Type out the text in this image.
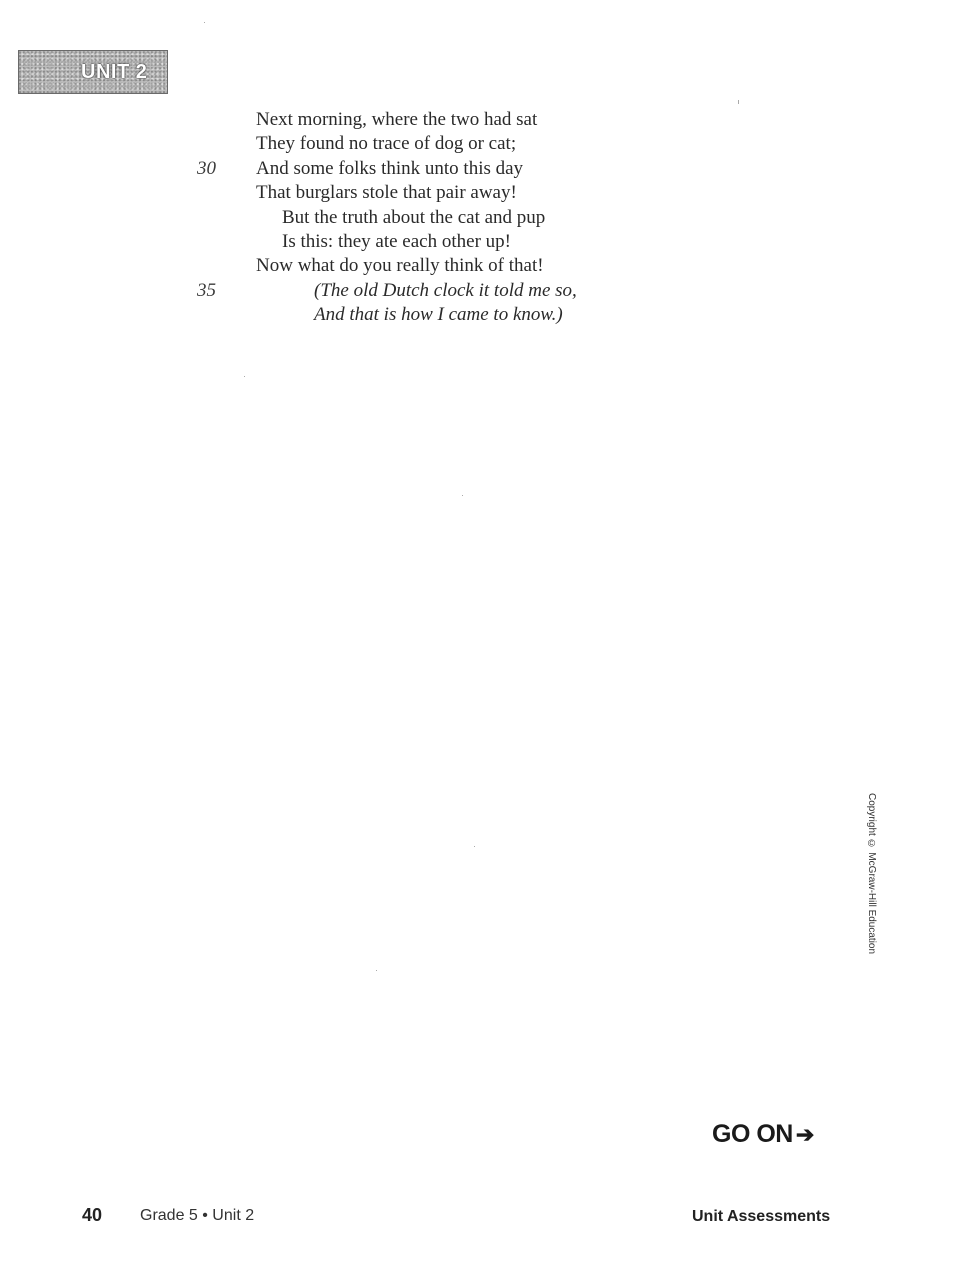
UNIT 2
Next morning, where the two had sat
They found no trace of dog or cat;
30 And some folks think unto this day
That burglars stole that pair away!
But the truth about the cat and pup
Is this: they ate each other up!
Now what do you really think of that!
35	(The old Dutch clock it told me so,
And that is how I came to know.)
Copyright © McGraw-Hill Education
GO ON ➔
40 Grade 5 • Unit 2	Unit Assessments
